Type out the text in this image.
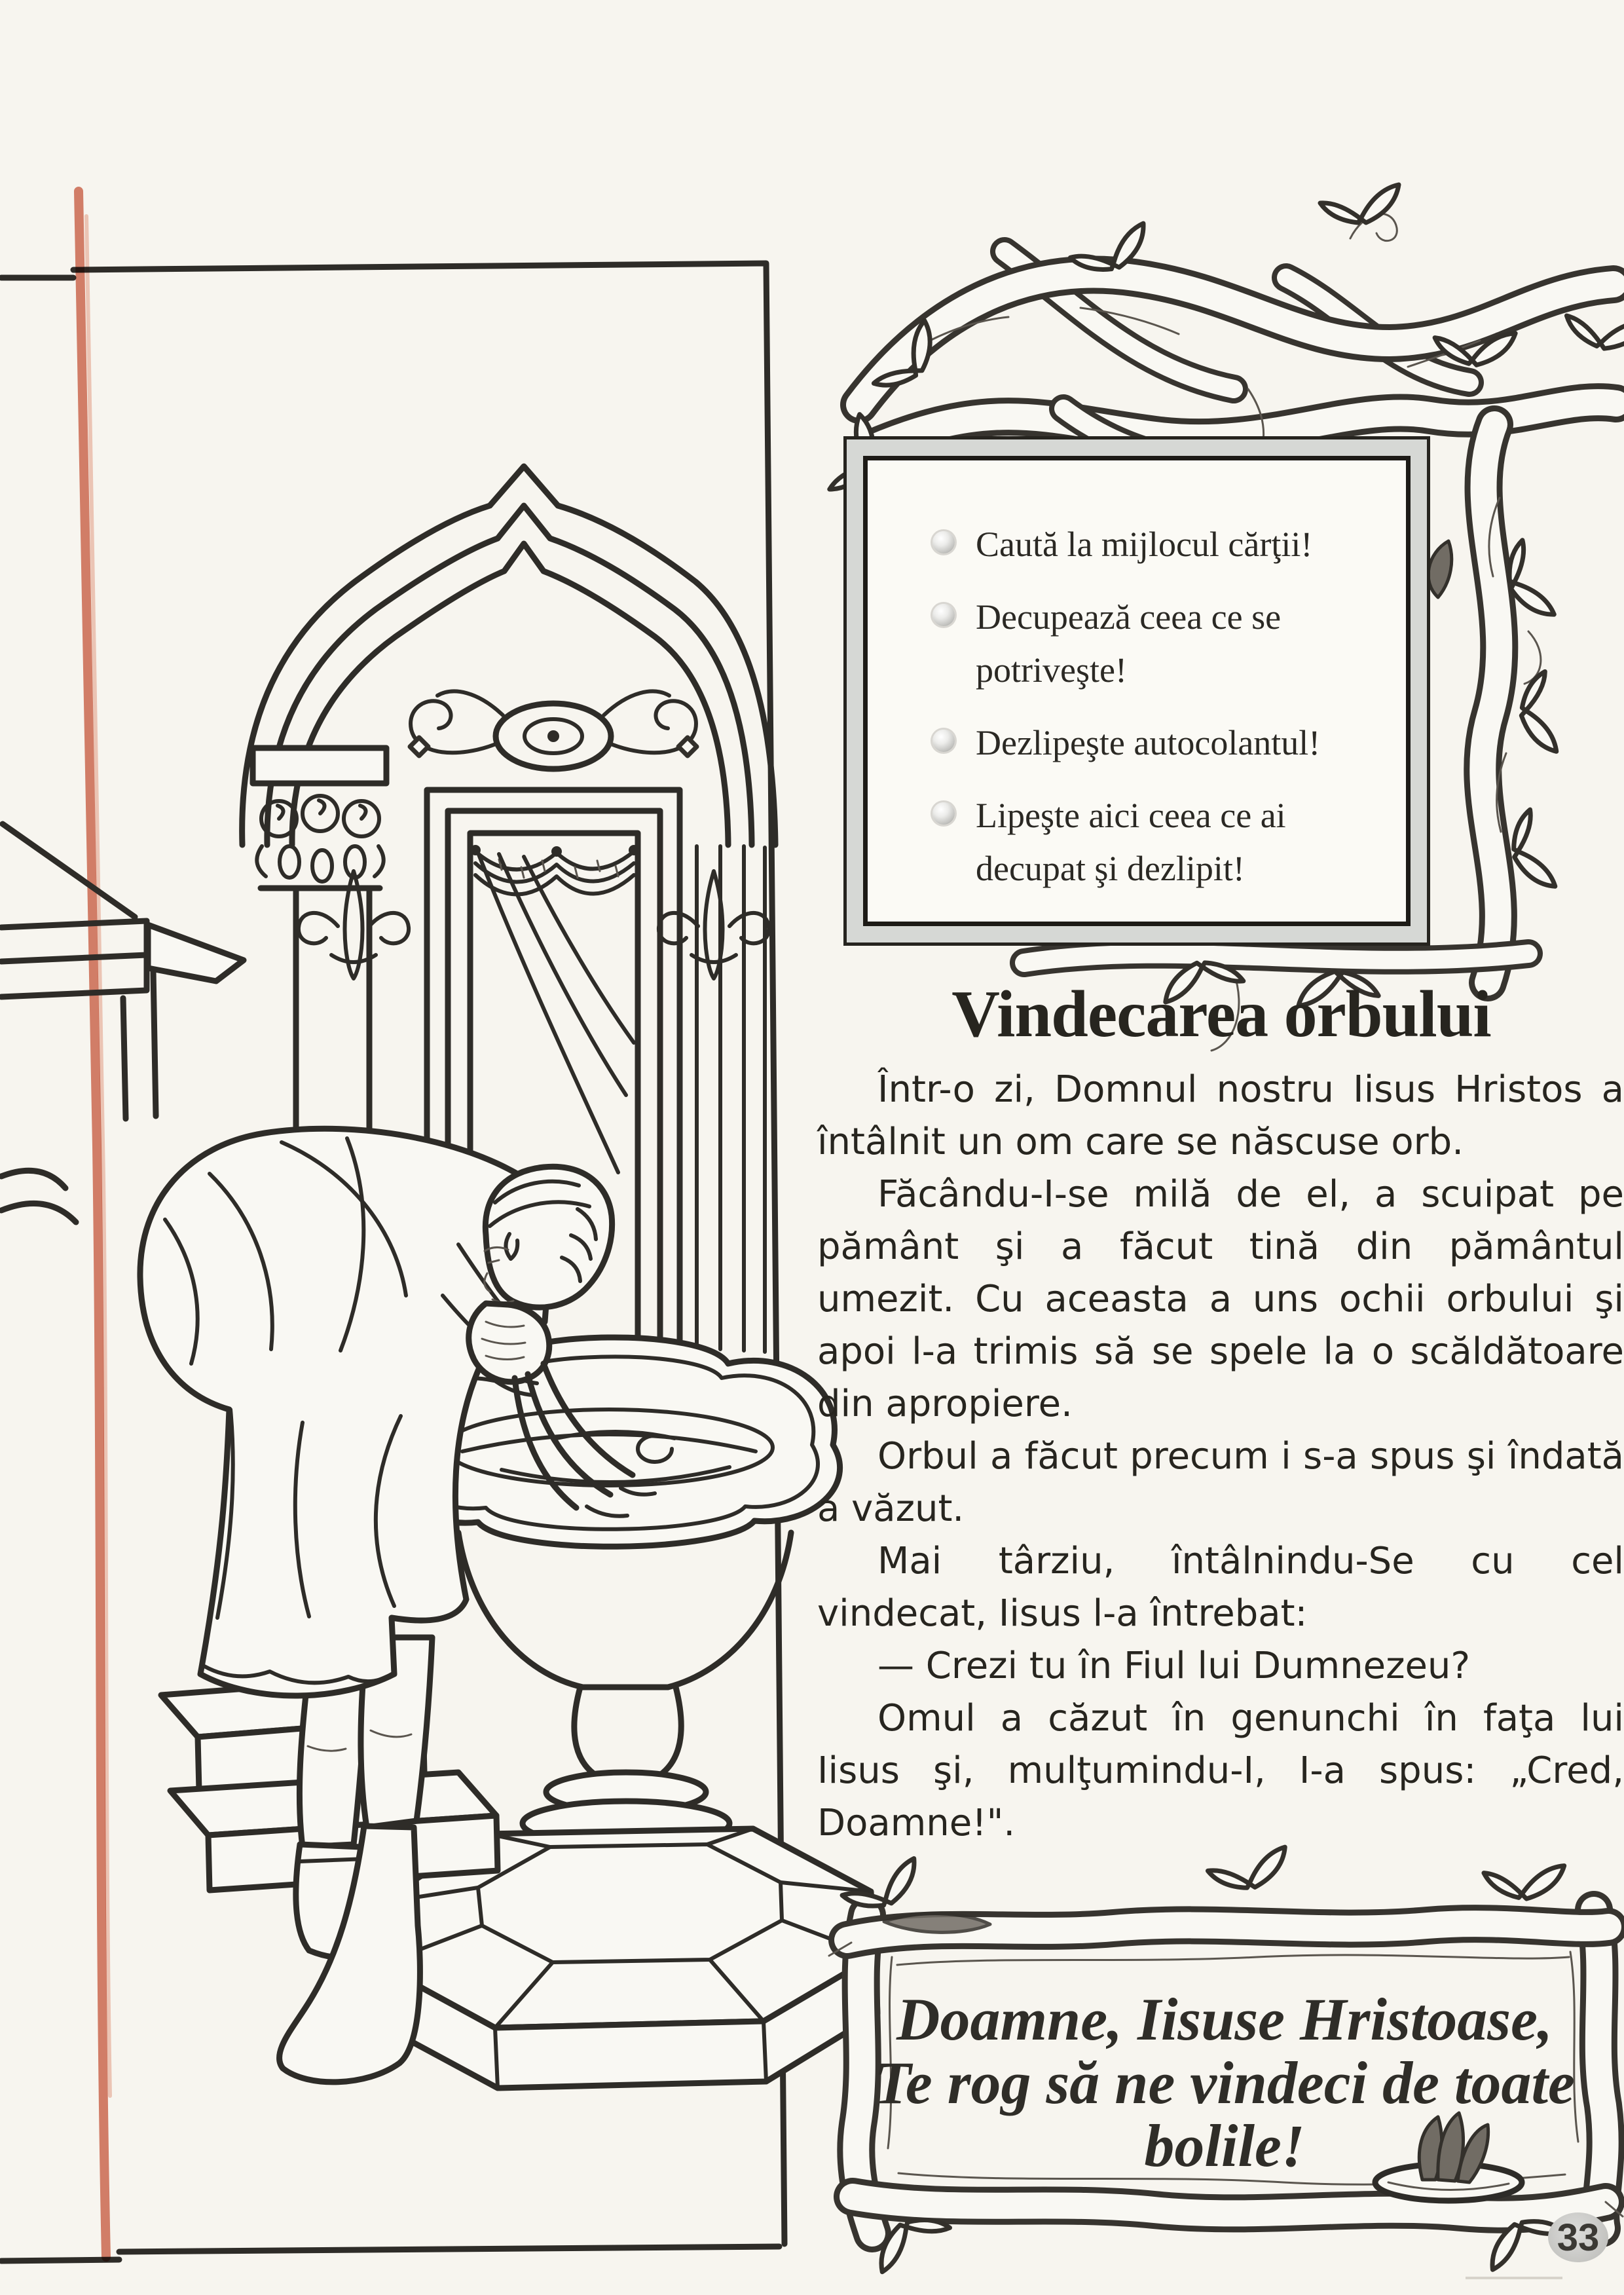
Caută la mijlocul cărţii!
Decupează ceea ce se potriveşte!
Dezlipeşte autocolantul!
Lipeşte aici ceea ce ai decupat şi dezlipit!
Vindecarea orbului

Într-o zi, Domnul nostru Iisus Hristos a întâlnit un om care se născuse orb.

Făcându-I-se milă de el, a scuipat pe pământ şi a făcut tină din pământul umezit. Cu aceasta a uns ochii orbului şi apoi l-a trimis să se spele la o scăldătoare din apropiere.

Orbul a făcut precum i s-a spus şi îndată a văzut.

Mai târziu, întâlnindu-Se cu cel vindecat, Iisus l-a întrebat:

— Crezi tu în Fiul lui Dumnezeu?

Omul a căzut în genunchi în faţa lui Iisus şi, mulţumindu-I, I-a spus: „Cred, Doamne!".

Doamne, Iisuse Hristoase, Te rog să ne vindeci de toate bolile!
33
